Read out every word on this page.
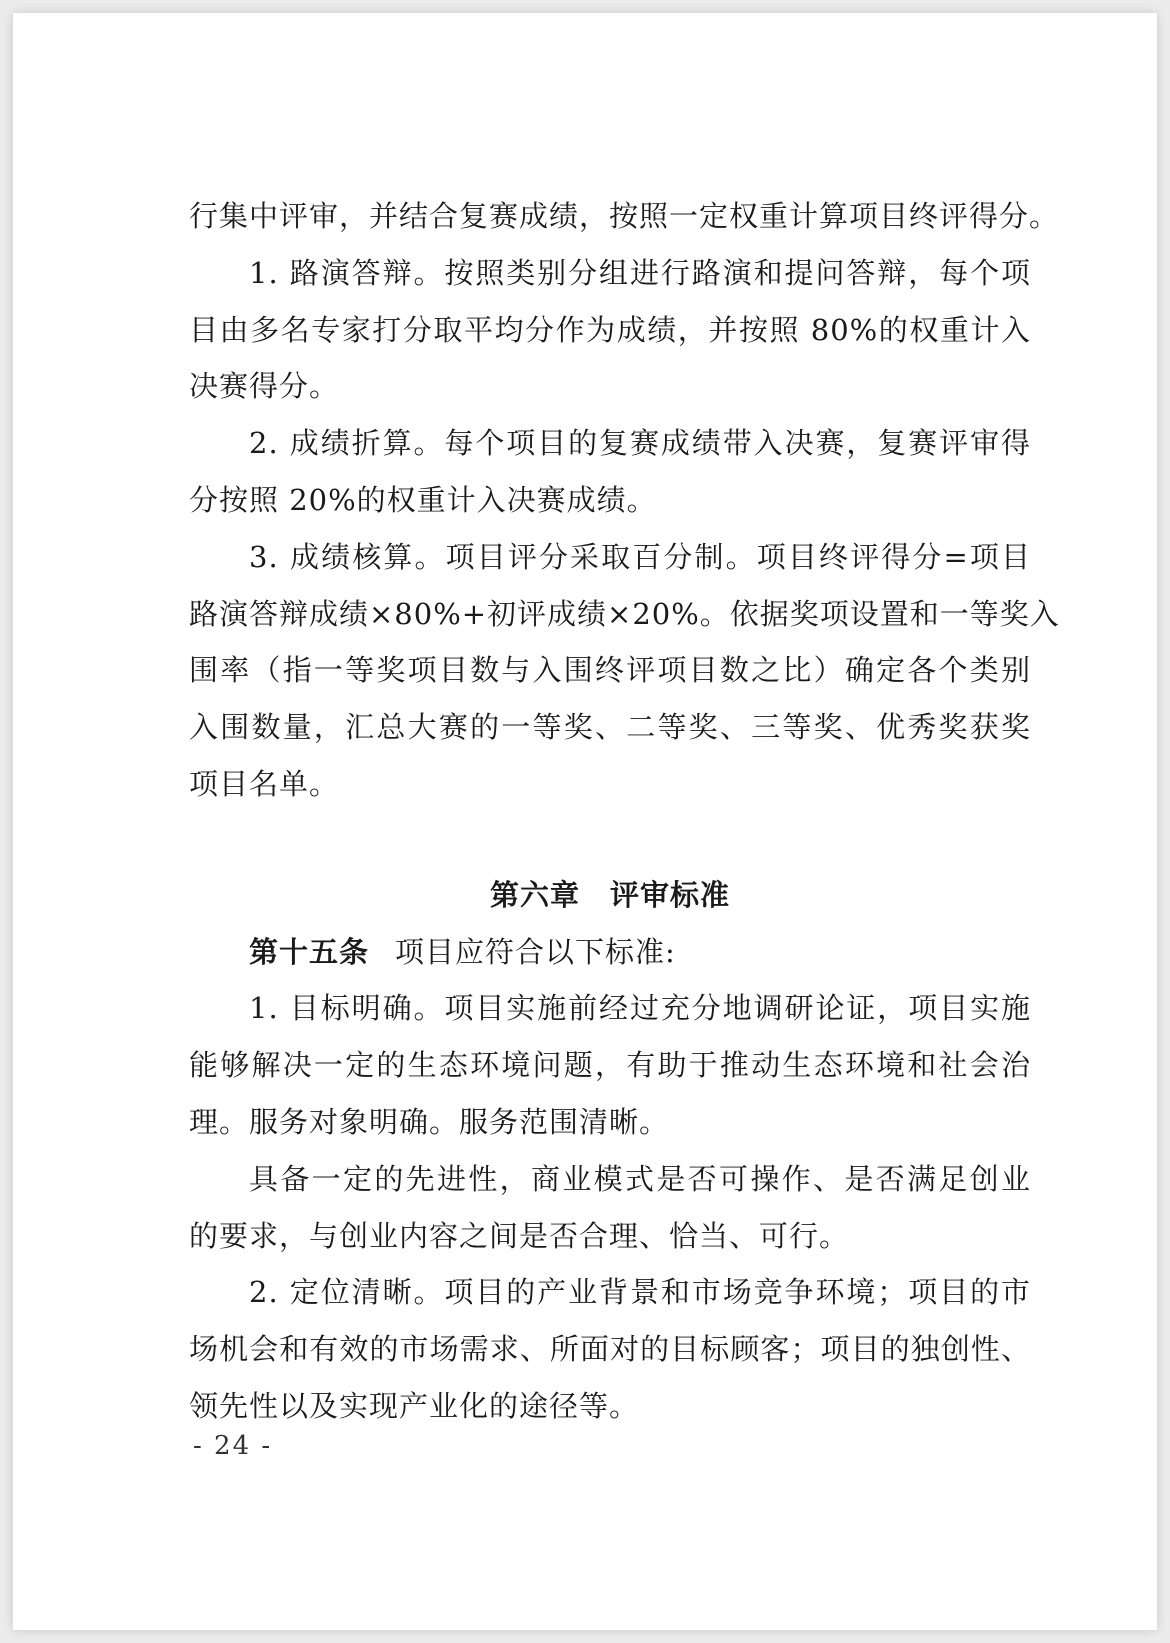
行集中评审，并结合复赛成绩，按照一定权重计算项目终评得分。
1. 路演答辩。按照类别分组进行路演和提问答辩，每个项
目由多名专家打分取平均分作为成绩，并按照 80%的权重计入
决赛得分。
2. 成绩折算。每个项目的复赛成绩带入决赛，复赛评审得
分按照 20%的权重计入决赛成绩。
3. 成绩核算。项目评分采取百分制。项目终评得分=项目
路演答辩成绩×80%+初评成绩×20%。依据奖项设置和一等奖入
围率（指一等奖项目数与入围终评项目数之比）确定各个类别
入围数量，汇总大赛的一等奖、二等奖、三等奖、优秀奖获奖
项目名单。
第六章 评审标准
第十五条 项目应符合以下标准:
1. 目标明确。项目实施前经过充分地调研论证，项目实施
能够解决一定的生态环境问题，有助于推动生态环境和社会治
理。服务对象明确。服务范围清晰。
具备一定的先进性，商业模式是否可操作、是否满足创业
的要求，与创业内容之间是否合理、恰当、可行。
2. 定位清晰。项目的产业背景和市场竞争环境；项目的市
场机会和有效的市场需求、所面对的目标顾客；项目的独创性、
领先性以及实现产业化的途径等。
- 24 -
